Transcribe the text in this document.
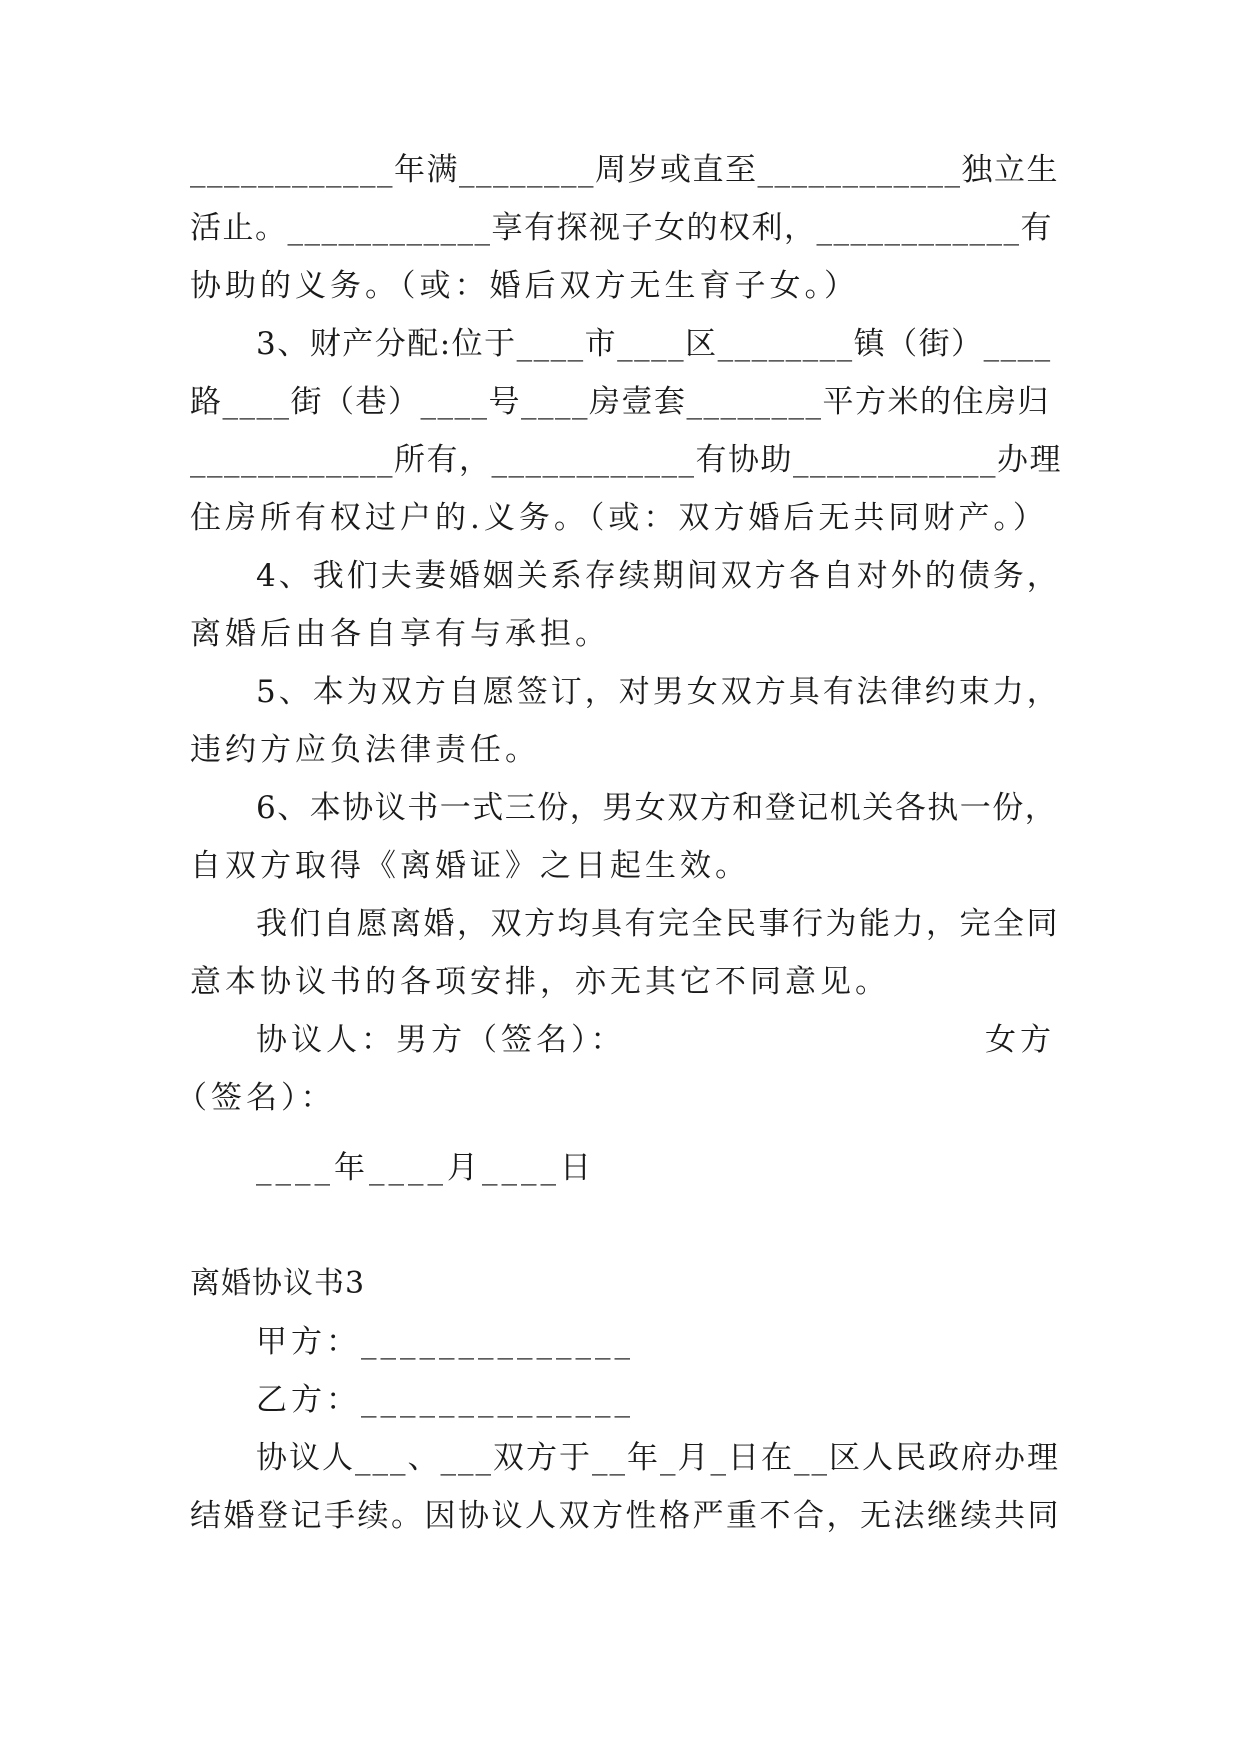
____________年满________周岁或直至____________独立生
活止。____________享有探视子女的权利，____________有
协助的义务。（或：婚后双方无生育子女。）
3、财产分配:位于____市____区________镇（街）____
路____街（巷）____号____房壹套________平方米的住房归
____________所有，____________有协助____________办理
住房所有权过户的.义务。（或：双方婚后无共同财产。）
4、我们夫妻婚姻关系存续期间双方各自对外的债务，
离婚后由各自享有与承担。
5、本为双方自愿签订，对男女双方具有法律约束力，
违约方应负法律责任。
6、本协议书一式三份，男女双方和登记机关各执一份，
自双方取得《离婚证》之日起生效。
我们自愿离婚，双方均具有完全民事行为能力，完全同
意本协议书的各项安排，亦无其它不同意见。
协议人：男方（签名）：	女方
（签名）：
____年____月____日
离婚协议书3
甲方：______________
乙方：______________
协议人___、___双方于__年_月_日在__区人民政府办理
结婚登记手续。因协议人双方性格严重不合，无法继续共同
